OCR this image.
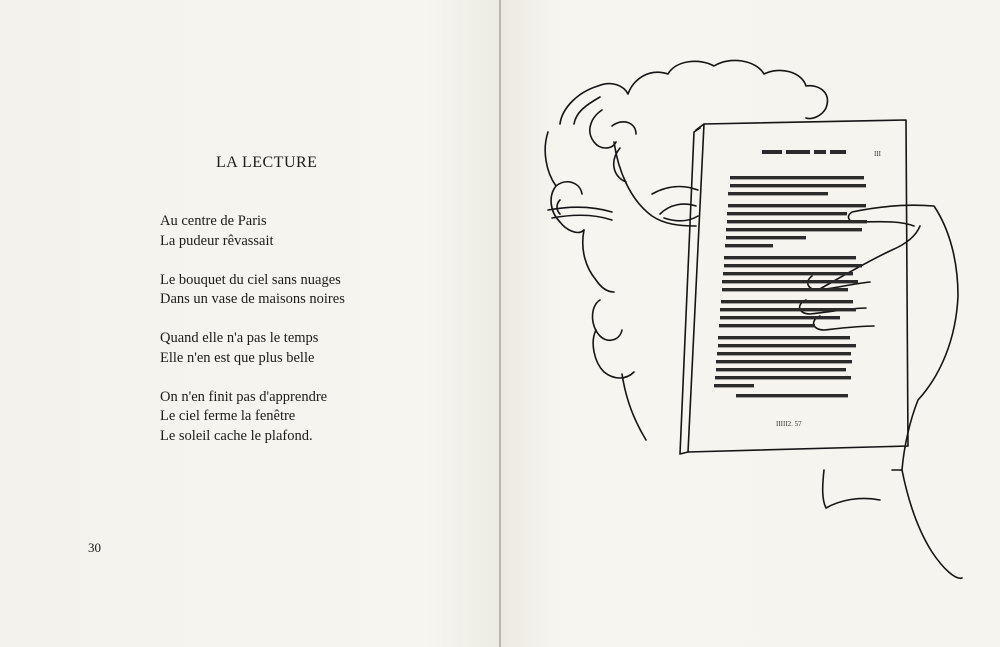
LA LECTURE
Au centre de Paris
La pudeur rêvassait
Le bouquet du ciel sans nuages
Dans un vase de maisons noires
Quand elle n'a pas le temps
Elle n'en est que plus belle
On n'en finit pas d'apprendre
Le ciel ferme la fenêtre
Le soleil cache le plafond.
30
III
IIIII2. 57
